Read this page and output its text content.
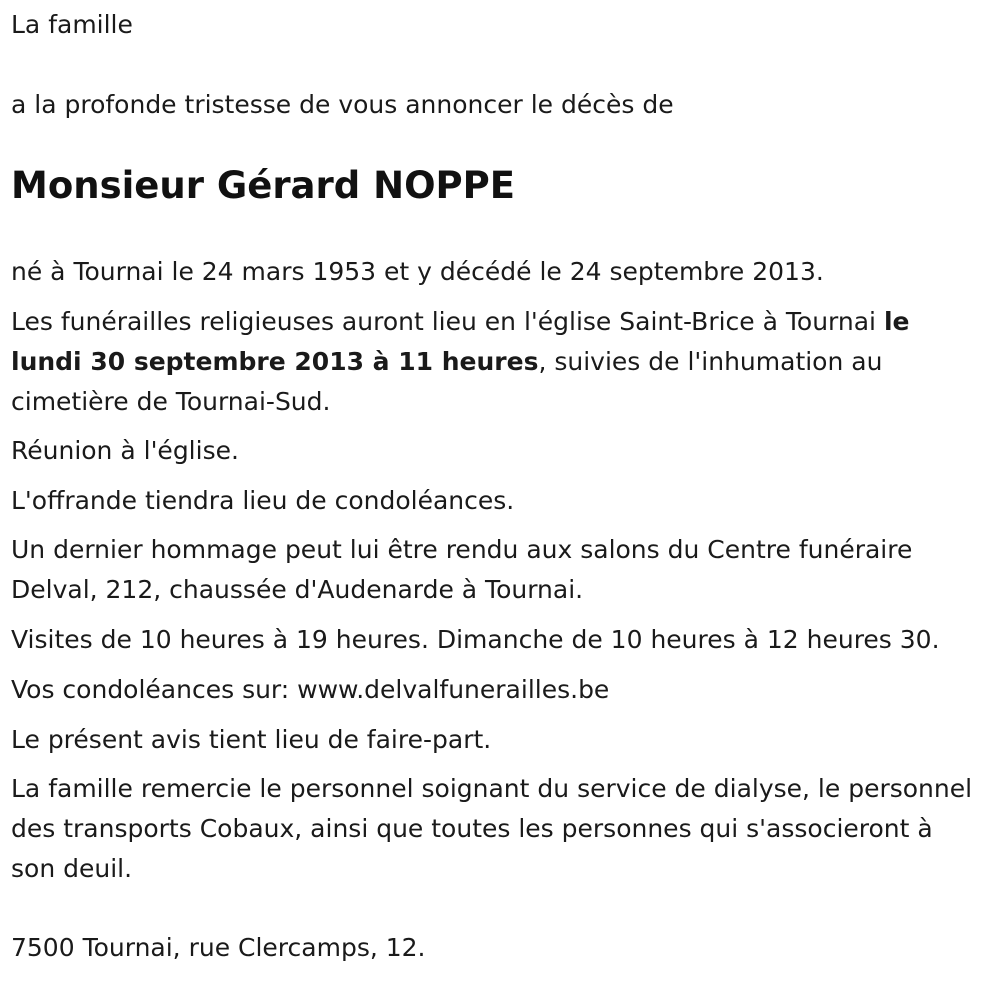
La famille

a la profonde tristesse de vous annoncer le décès de

Monsieur Gérard NOPPE

né à Tournai le 24 mars 1953 et y décédé le 24 septembre 2013.

Les funérailles religieuses auront lieu en l'église Saint-Brice à Tournai le lundi 30 septembre 2013 à 11 heures, suivies de l'inhumation au cimetière de Tournai-Sud.

Réunion à l'église.

L'offrande tiendra lieu de condoléances.

Un dernier hommage peut lui être rendu aux salons du Centre funéraire Delval, 212, chaussée d'Audenarde à Tournai.

Visites de 10 heures à 19 heures. Dimanche de 10 heures à 12 heures 30.

Vos condoléances sur: www.delvalfunerailles.be

Le présent avis tient lieu de faire-part.

La famille remercie le personnel soignant du service de dialyse, le personnel des transports Cobaux, ainsi que toutes les personnes qui s'associeront à son deuil.

7500 Tournai, rue Clercamps, 12.
